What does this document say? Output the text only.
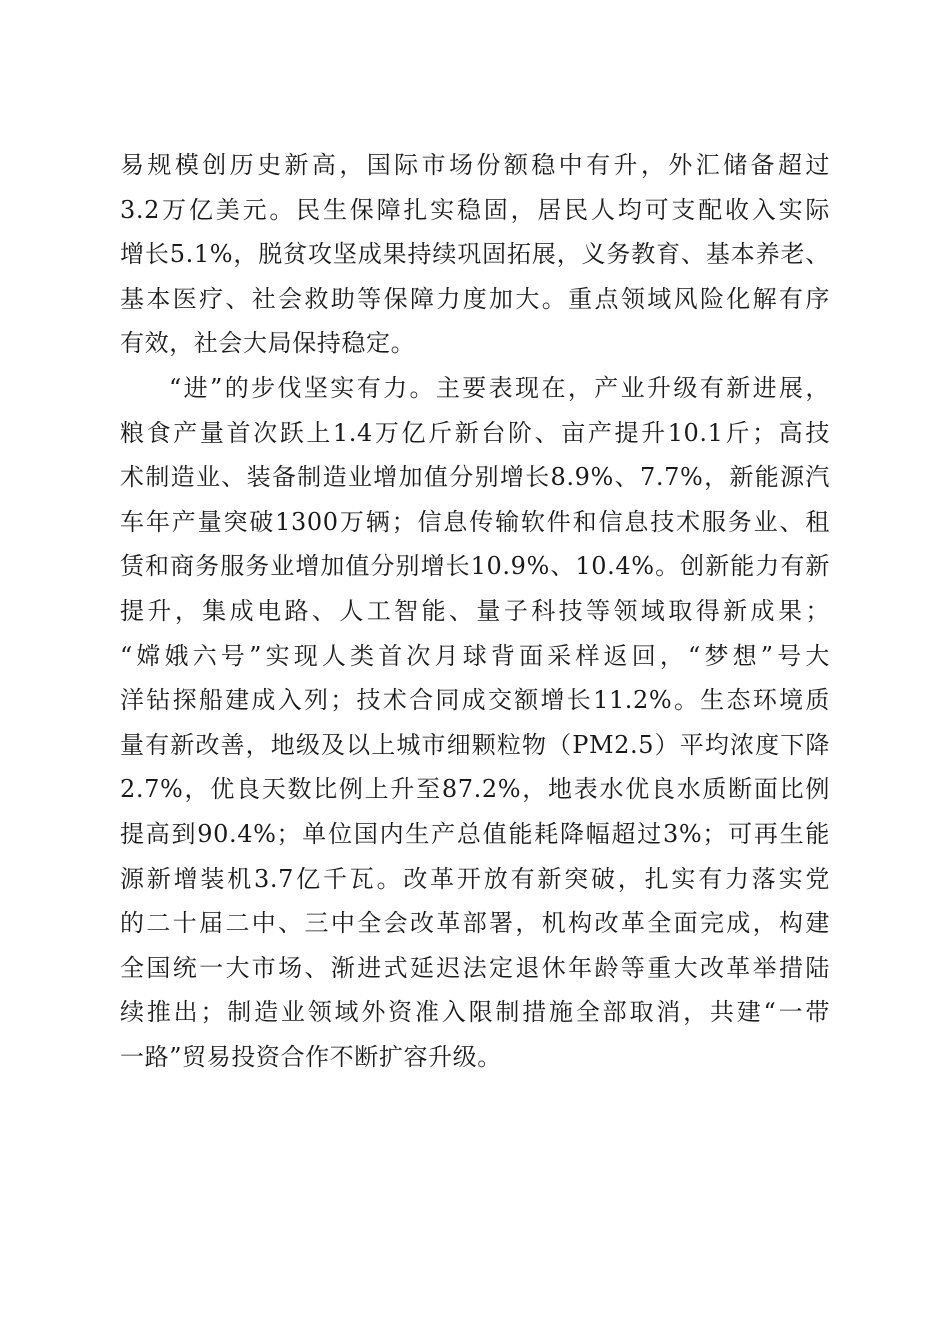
易规模创历史新高，国际市场份额稳中有升，外汇储备超过
3.2万亿美元。民生保障扎实稳固，居民人均可支配收入实际
增长5.1%，脱贫攻坚成果持续巩固拓展，义务教育、基本养老、
基本医疗、社会救助等保障力度加大。重点领域风险化解有序
有效，社会大局保持稳定。
“进”的步伐坚实有力。主要表现在，产业升级有新进展，
粮食产量首次跃上1.4万亿斤新台阶、亩产提升10.1斤；高技
术制造业、装备制造业增加值分别增长8.9%、7.7%，新能源汽
车年产量突破1300万辆；信息传输软件和信息技术服务业、租
赁和商务服务业增加值分别增长10.9%、10.4%。创新能力有新
提升，集成电路、人工智能、量子科技等领域取得新成果；
“嫦娥六号”实现人类首次月球背面采样返回，“梦想”号大
洋钻探船建成入列；技术合同成交额增长11.2%。生态环境质
量有新改善，地级及以上城市细颗粒物（PM2.5）平均浓度下降
2.7%，优良天数比例上升至87.2%，地表水优良水质断面比例
提高到90.4%；单位国内生产总值能耗降幅超过3%；可再生能
源新增装机3.7亿千瓦。改革开放有新突破，扎实有力落实党
的二十届二中、三中全会改革部署，机构改革全面完成，构建
全国统一大市场、渐进式延迟法定退休年龄等重大改革举措陆
续推出；制造业领域外资准入限制措施全部取消，共建“一带
一路”贸易投资合作不断扩容升级。
